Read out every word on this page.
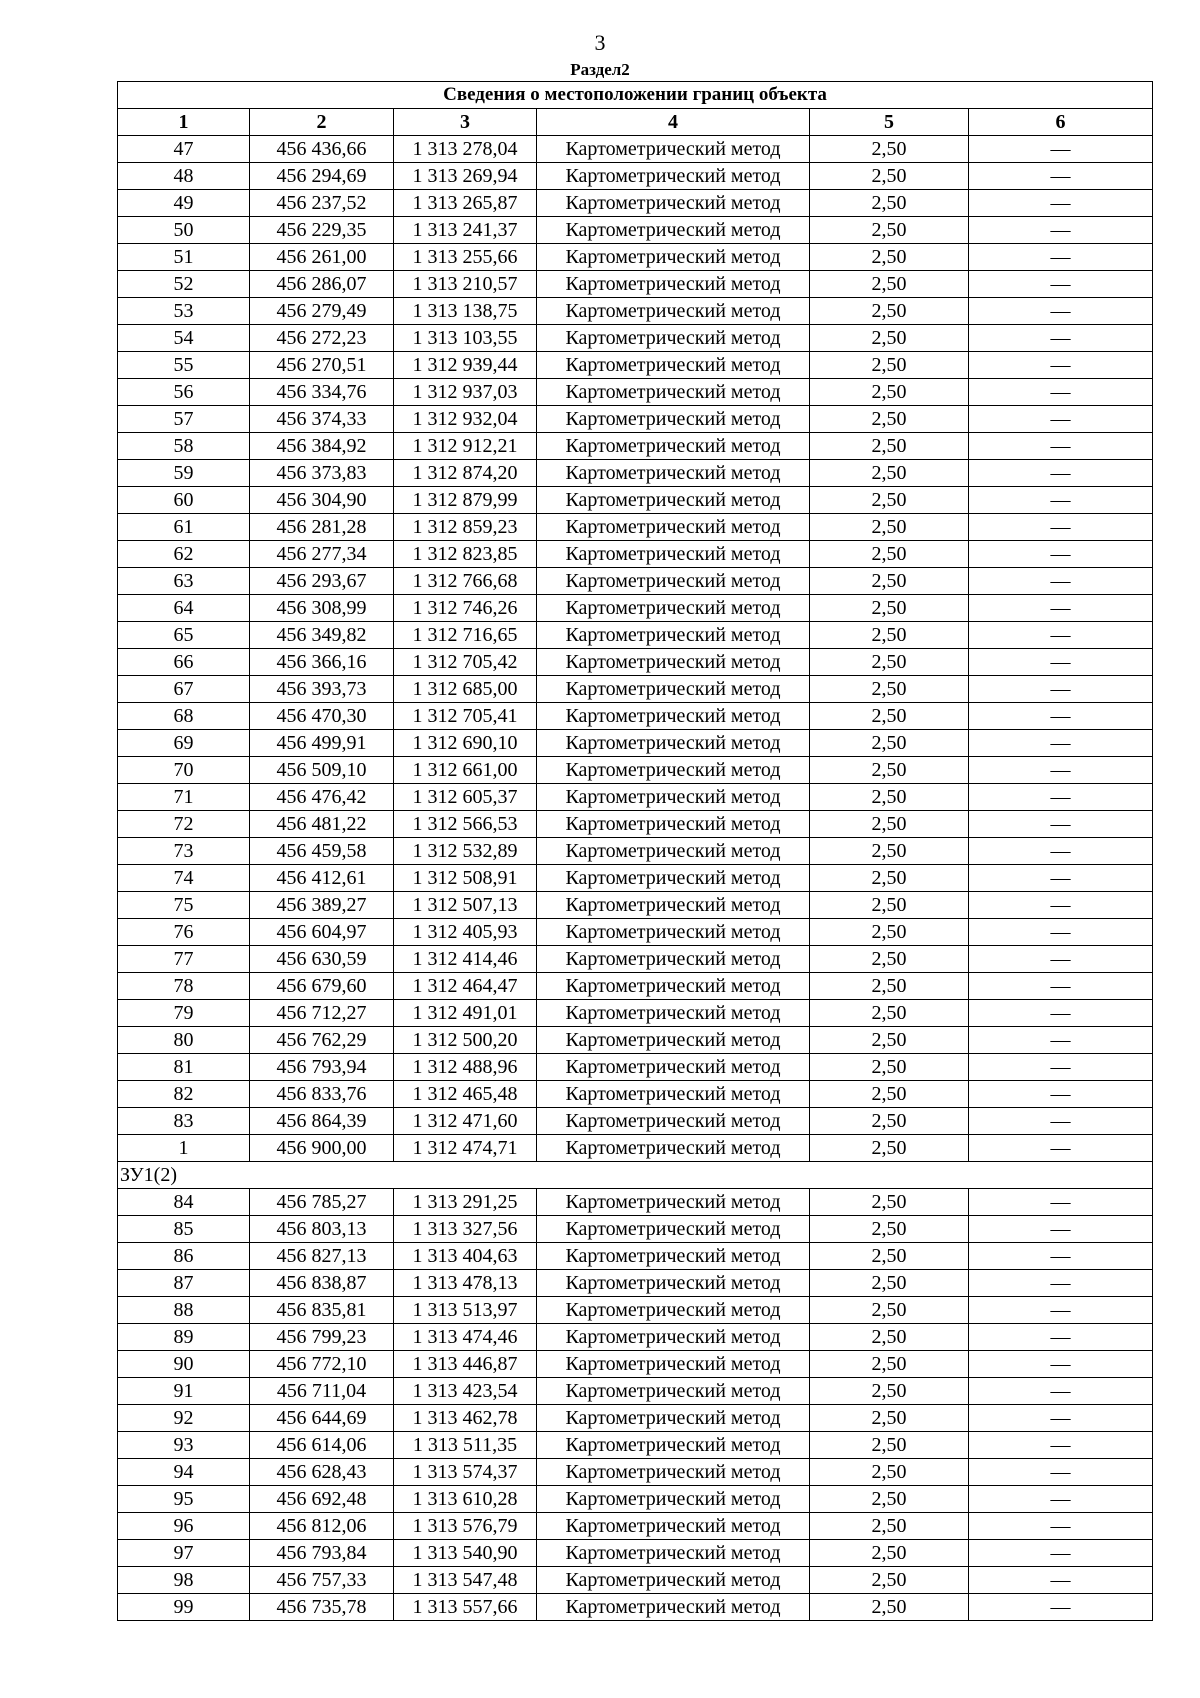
3
Раздел2
Сведения о местоположении границ объекта					
1	2	3	4	5	6
47	456 436,66	1 313 278,04	Картометрический метод	2,50	—
48	456 294,69	1 313 269,94	Картометрический метод	2,50	—
49	456 237,52	1 313 265,87	Картометрический метод	2,50	—
50	456 229,35	1 313 241,37	Картометрический метод	2,50	—
51	456 261,00	1 313 255,66	Картометрический метод	2,50	—
52	456 286,07	1 313 210,57	Картометрический метод	2,50	—
53	456 279,49	1 313 138,75	Картометрический метод	2,50	—
54	456 272,23	1 313 103,55	Картометрический метод	2,50	—
55	456 270,51	1 312 939,44	Картометрический метод	2,50	—
56	456 334,76	1 312 937,03	Картометрический метод	2,50	—
57	456 374,33	1 312 932,04	Картометрический метод	2,50	—
58	456 384,92	1 312 912,21	Картометрический метод	2,50	—
59	456 373,83	1 312 874,20	Картометрический метод	2,50	—
60	456 304,90	1 312 879,99	Картометрический метод	2,50	—
61	456 281,28	1 312 859,23	Картометрический метод	2,50	—
62	456 277,34	1 312 823,85	Картометрический метод	2,50	—
63	456 293,67	1 312 766,68	Картометрический метод	2,50	—
64	456 308,99	1 312 746,26	Картометрический метод	2,50	—
65	456 349,82	1 312 716,65	Картометрический метод	2,50	—
66	456 366,16	1 312 705,42	Картометрический метод	2,50	—
67	456 393,73	1 312 685,00	Картометрический метод	2,50	—
68	456 470,30	1 312 705,41	Картометрический метод	2,50	—
69	456 499,91	1 312 690,10	Картометрический метод	2,50	—
70	456 509,10	1 312 661,00	Картометрический метод	2,50	—
71	456 476,42	1 312 605,37	Картометрический метод	2,50	—
72	456 481,22	1 312 566,53	Картометрический метод	2,50	—
73	456 459,58	1 312 532,89	Картометрический метод	2,50	—
74	456 412,61	1 312 508,91	Картометрический метод	2,50	—
75	456 389,27	1 312 507,13	Картометрический метод	2,50	—
76	456 604,97	1 312 405,93	Картометрический метод	2,50	—
77	456 630,59	1 312 414,46	Картометрический метод	2,50	—
78	456 679,60	1 312 464,47	Картометрический метод	2,50	—
79	456 712,27	1 312 491,01	Картометрический метод	2,50	—
80	456 762,29	1 312 500,20	Картометрический метод	2,50	—
81	456 793,94	1 312 488,96	Картометрический метод	2,50	—
82	456 833,76	1 312 465,48	Картометрический метод	2,50	—
83	456 864,39	1 312 471,60	Картометрический метод	2,50	—
1	456 900,00	1 312 474,71	Картометрический метод	2,50	—
ЗУ1(2)					
84	456 785,27	1 313 291,25	Картометрический метод	2,50	—
85	456 803,13	1 313 327,56	Картометрический метод	2,50	—
86	456 827,13	1 313 404,63	Картометрический метод	2,50	—
87	456 838,87	1 313 478,13	Картометрический метод	2,50	—
88	456 835,81	1 313 513,97	Картометрический метод	2,50	—
89	456 799,23	1 313 474,46	Картометрический метод	2,50	—
90	456 772,10	1 313 446,87	Картометрический метод	2,50	—
91	456 711,04	1 313 423,54	Картометрический метод	2,50	—
92	456 644,69	1 313 462,78	Картометрический метод	2,50	—
93	456 614,06	1 313 511,35	Картометрический метод	2,50	—
94	456 628,43	1 313 574,37	Картометрический метод	2,50	—
95	456 692,48	1 313 610,28	Картометрический метод	2,50	—
96	456 812,06	1 313 576,79	Картометрический метод	2,50	—
97	456 793,84	1 313 540,90	Картометрический метод	2,50	—
98	456 757,33	1 313 547,48	Картометрический метод	2,50	—
99	456 735,78	1 313 557,66	Картометрический метод	2,50	—
